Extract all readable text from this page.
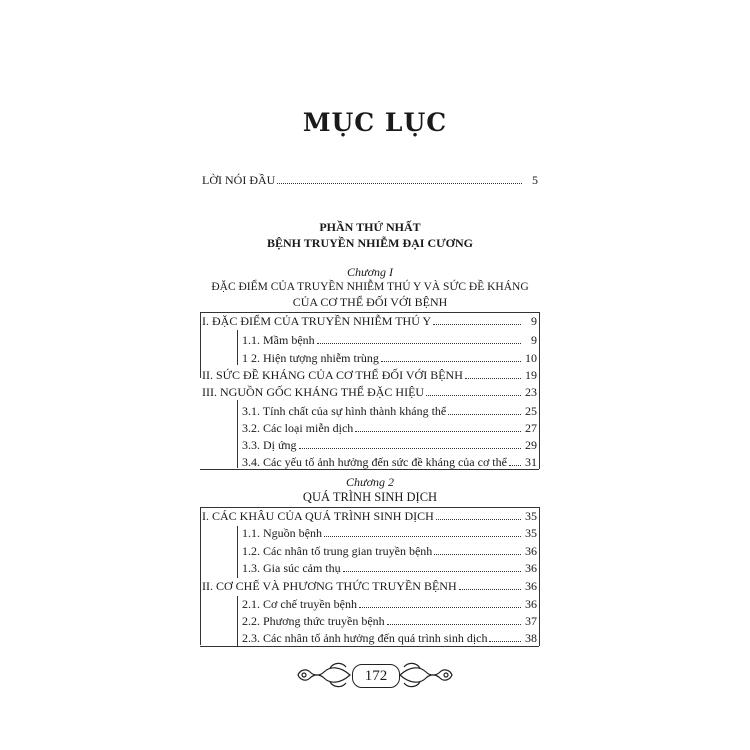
MỤC LỤC
LỜI NÓI ĐẦU	5
PHẦN THỨ NHẤT
BỆNH TRUYỀN NHIỄM ĐẠI CƯƠNG
Chương I
ĐẶC ĐIỂM CỦA TRUYỀN NHIỄM THÚ Y VÀ SỨC ĐỀ KHÁNG
CỦA CƠ THỂ ĐỐI VỚI BỆNH
I. ĐẶC ĐIỂM CỦA TRUYỀN NHIỄM THÚ Y	9
1.1. Mầm bệnh	9
1 2. Hiện tượng nhiễm trùng	10
II. SỨC ĐỀ KHÁNG CỦA CƠ THỂ ĐỐI VỚI BỆNH	19
III. NGUỒN GỐC KHÁNG THỂ ĐẶC HIỆU	23
3.1. Tính chất của sự hình thành kháng thể	25
3.2. Các loại miễn dịch	27
3.3. Dị ứng	29
3.4. Các yếu tố ảnh hưởng đến sức đề kháng của cơ thể 31
Chương 2
QUÁ TRÌNH SINH DỊCH
I. CÁC KHÂU CỦA QUÁ TRÌNH SINH DỊCH	35
1.1. Nguồn bệnh	35
1.2. Các nhân tố trung gian truyền bệnh	36
1.3. Gia súc cảm thụ	36
II. CƠ CHẾ VÀ PHƯƠNG THỨC TRUYỀN BỆNH	36
2.1. Cơ chế truyền bệnh	36
2.2. Phương thức truyền bệnh	37
2.3. Các nhân tố ảnh hưởng đến quá trình sinh dịch	38
172
